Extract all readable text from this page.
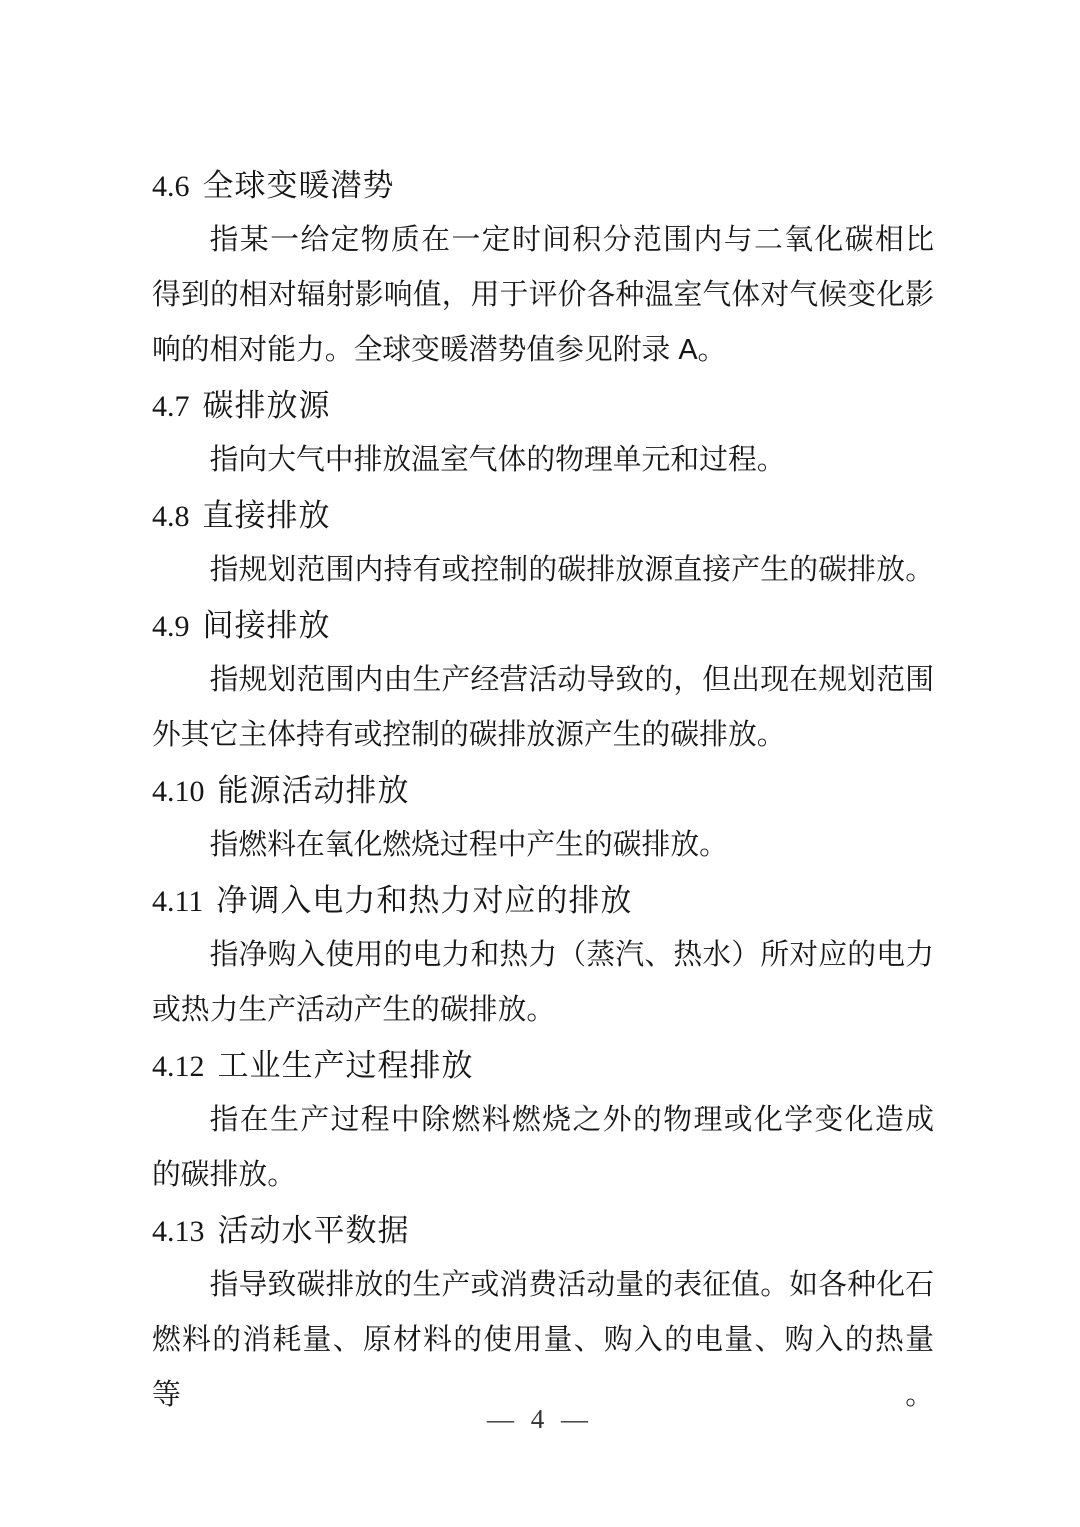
4.6 全球变暖潜势
指某一给定物质在一定时间积分范围内与二氧化碳相比
得到的相对辐射影响值，用于评价各种温室气体对气候变化影
响的相对能力。全球变暖潜势值参见附录 A。
4.7 碳排放源
指向大气中排放温室气体的物理单元和过程。
4.8 直接排放
指规划范围内持有或控制的碳排放源直接产生的碳排放。
4.9 间接排放
指规划范围内由生产经营活动导致的，但出现在规划范围
外其它主体持有或控制的碳排放源产生的碳排放。
4.10 能源活动排放
指燃料在氧化燃烧过程中产生的碳排放。
4.11 净调入电力和热力对应的排放
指净购入使用的电力和热力（蒸汽、热水）所对应的电力
或热力生产活动产生的碳排放。
4.12 工业生产过程排放
指在生产过程中除燃料燃烧之外的物理或化学变化造成
的碳排放。
4.13 活动水平数据
指导致碳排放的生产或消费活动量的表征值。如各种化石
燃料的消耗量、原材料的使用量、购入的电量、购入的热量等。
— 4 —
